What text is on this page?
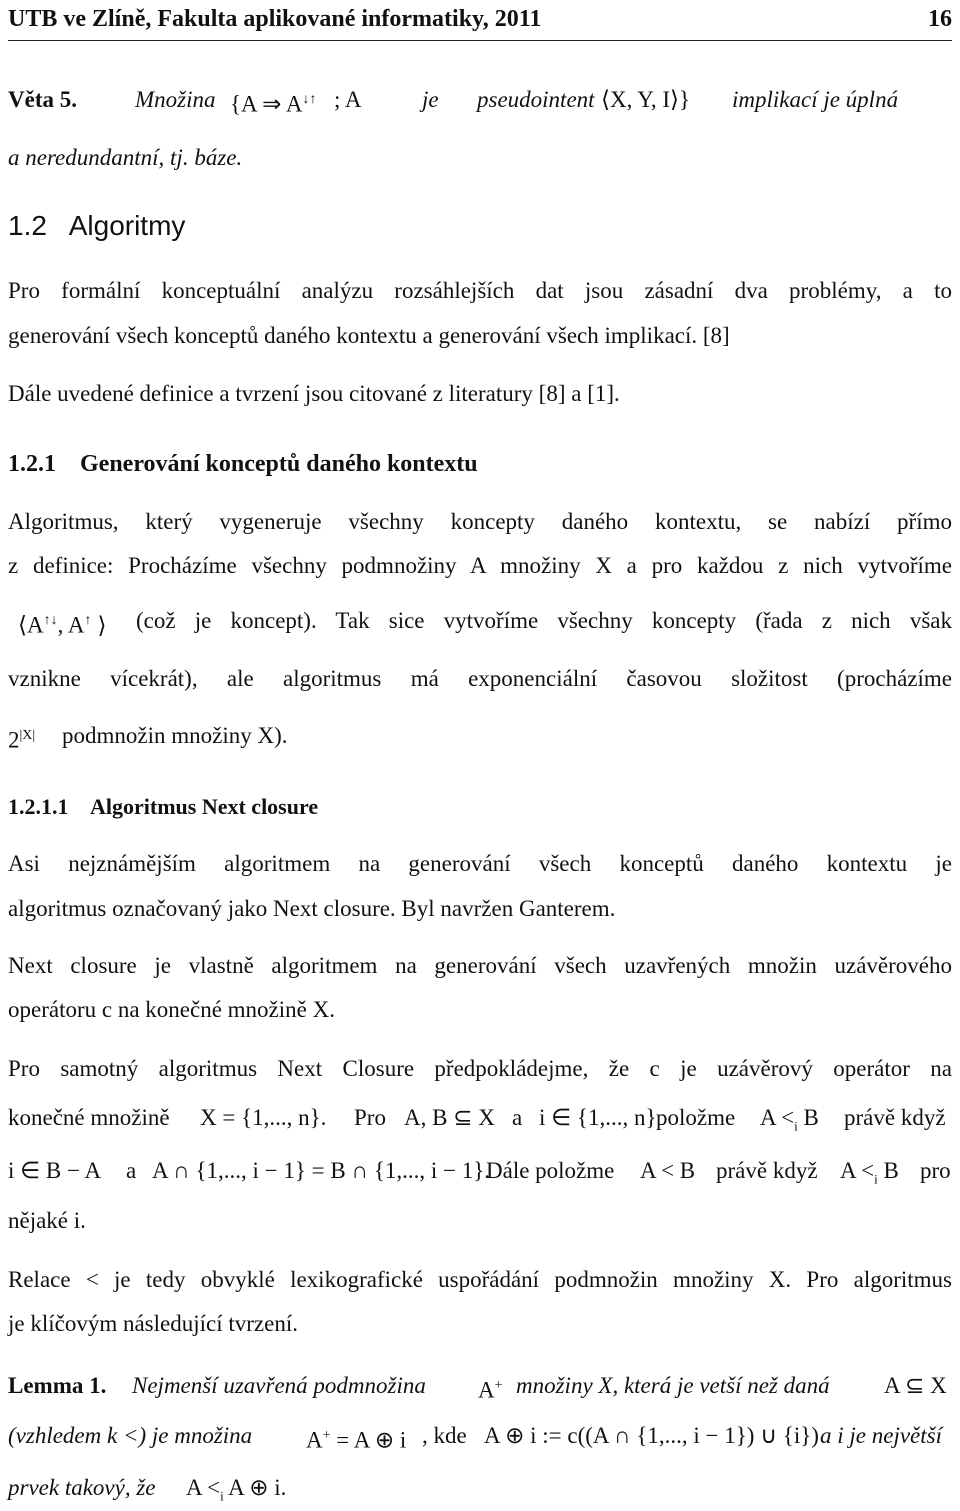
UTB ve Zlíně, Fakulta aplikované informatiky, 2011	16
Věta 5.	Množina {A ⇒ A↓↑ ; A	je pseudointent ⟨X, Y, I⟩} implikací je úplná
a neredundantní, tj. báze.
1.2 Algoritmy
Pro formální konceptuální analýzu rozsáhlejších dat jsou zásadní dva problémy, a to
generování všech konceptů daného kontextu a generování všech implikací. [8]
Dále uvedené definice a tvrzení jsou citované z literatury [8] a [1].
1.2.1 Generování konceptů daného kontextu
Algoritmus, který vygeneruje všechny koncepty daného kontextu, se nabízí přímo
z definice: Procházíme všechny podmnožiny A množiny X a pro každou z nich vytvoříme
⟨A↑↓, A↑ ⟩ (což je koncept). Tak sice vytvoříme všechny koncepty (řada z nich však
vznikne vícekrát), ale algoritmus má exponenciální časovou složitost (procházíme
$2^{|X|}$ podmnožin množiny X).
1.2.1.1 Algoritmus Next closure
Asi nejznámějším algoritmem na generování všech konceptů daného kontextu je
algoritmus označovaný jako Next closure. Byl navržen Ganterem.
Next closure je vlastně algoritmem na generování všech uzavřených množin uzávěrového
operátoru c na konečné množině X.
Pro samotný algoritmus Next Closure předpokládejme, že c je uzávěrový operátor na
konečné množině X = {1,..., n}. Pro A, B ⊆ X a i ∈ {1,..., n} položme $A <_i$ B právě když
i ∈ B − A a A ∩ {1,..., i − 1} = B ∩ {1,..., i − 1}.
Dále položme A < B právě když $A <_i$ B pro
nějaké i.
Relace < je tedy obvyklé lexikografické uspořádání podmnožin množiny X. Pro algoritmus
je klíčovým následující tvrzení.
Lemma 1. Nejmenší uzavřená podmnožina A+ množiny X, která je vetší než daná A ⊆ X
(vzhledem k <) je množina A+ = A ⊕ i , kde A ⊕ i := c((A ∩ {1,..., i − 1}) ∪ {i}) a i je největší
prvek takový, že $A <_i$ A ⊕ i.
